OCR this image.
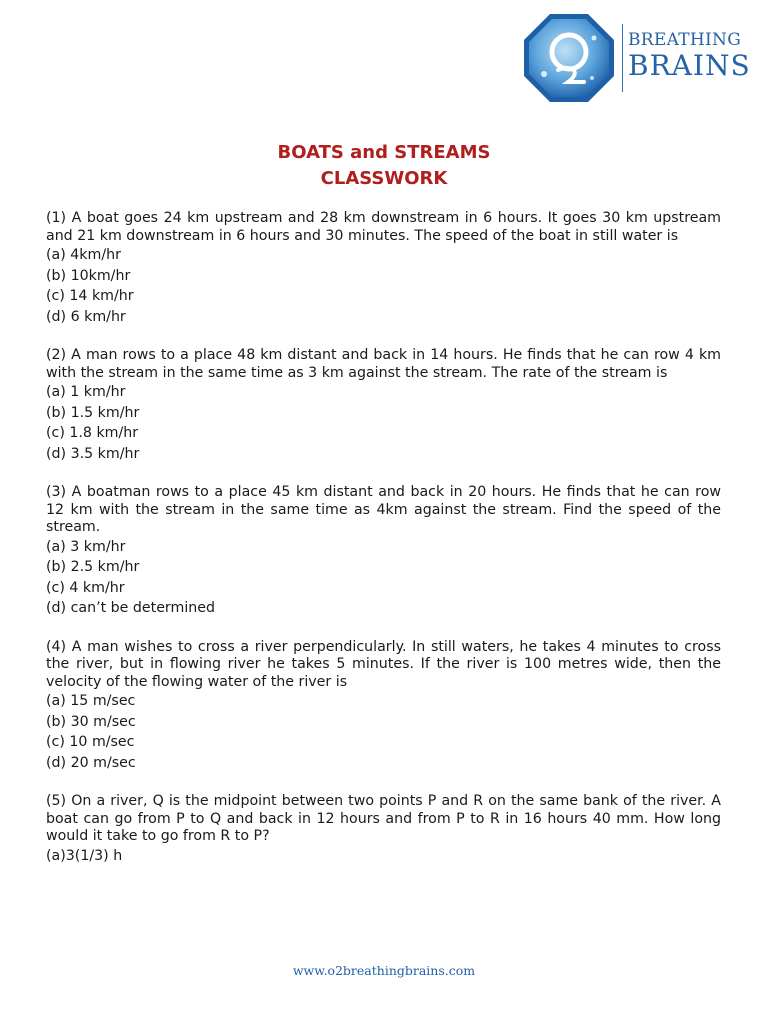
BREATHING
BRAINS
BOATS and STREAMS
CLASSWORK

(1) A boat goes 24 km upstream and 28 km downstream in 6 hours. It goes 30 km upstream and 21 km downstream in 6 hours and 30 minutes. The speed of the boat in still water is

(a) 4km/hr

(b) 10km/hr

(c) 14 km/hr

(d) 6 km/hr

(2) A man rows to a place 48 km distant and back in 14 hours. He finds that he can row 4 km with the stream in the same time as 3 km against the stream. The rate of the stream is

(a) 1 km/hr

(b) 1.5 km/hr

(c) 1.8 km/hr

(d) 3.5 km/hr

(3) A boatman rows to a place 45 km distant and back in 20 hours. He finds that he can row 12 km with the stream in the same time as 4km against the stream. Find the speed of the stream.

(a) 3 km/hr

(b) 2.5 km/hr

(c) 4 km/hr

(d) can’t be determined

(4) A man wishes to cross a river perpendicularly. In still waters, he takes 4 minutes to cross the river, but in flowing river he takes 5 minutes. If the river is 100 metres wide, then the velocity of the flowing water of the river is

(a) 15 m/sec

(b) 30 m/sec

(c) 10 m/sec

(d) 20 m/sec

(5) On a river, Q is the midpoint between two points P and R on the same bank of the river. A boat can go from P to Q and back in 12 hours and from P to R in 16 hours 40 mm. How long would it take to go from R to P?

(a)3(1/3) h

www.o2breathingbrains.com
